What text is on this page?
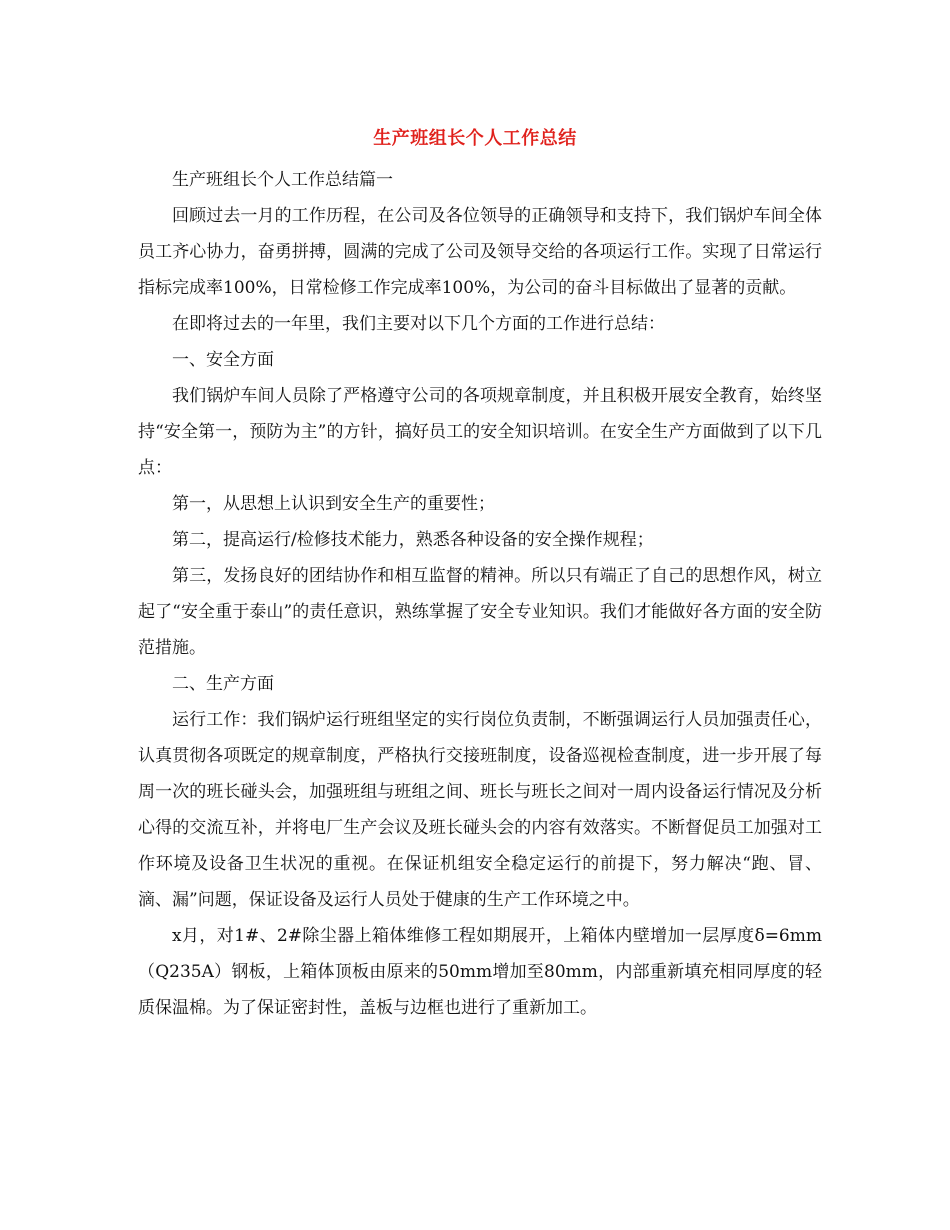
生产班组长个人工作总结

生产班组长个人工作总结篇一

回顾过去一月的工作历程，在公司及各位领导的正确领导和支持下，我们锅炉车间全体员工齐心协力，奋勇拼搏，圆满的完成了公司及领导交给的各项运行工作。实现了日常运行指标完成率100%，日常检修工作完成率100%，为公司的奋斗目标做出了显著的贡献。

在即将过去的一年里，我们主要对以下几个方面的工作进行总结：

一、安全方面

我们锅炉车间人员除了严格遵守公司的各项规章制度，并且积极开展安全教育，始终坚持“安全第一，预防为主”的方针，搞好员工的安全知识培训。在安全生产方面做到了以下几点：

第一，从思想上认识到安全生产的重要性；

第二，提高运行/检修技术能力，熟悉各种设备的安全操作规程；

第三，发扬良好的团结协作和相互监督的精神。所以只有端正了自己的思想作风，树立起了“安全重于泰山”的责任意识，熟练掌握了安全专业知识。我们才能做好各方面的安全防范措施。

二、生产方面

运行工作：我们锅炉运行班组坚定的实行岗位负责制，不断强调运行人员加强责任心，认真贯彻各项既定的规章制度，严格执行交接班制度，设备巡视检查制度，进一步开展了每周一次的班长碰头会，加强班组与班组之间、班长与班长之间对一周内设备运行情况及分析心得的交流互补，并将电厂生产会议及班长碰头会的内容有效落实。不断督促员工加强对工作环境及设备卫生状况的重视。在保证机组安全稳定运行的前提下，努力解决“跑、冒、滴、漏”问题，保证设备及运行人员处于健康的生产工作环境之中。

x月，对1#、2#除尘器上箱体维修工程如期展开，上箱体内壁增加一层厚度δ=6mm（Q235A）钢板，上箱体顶板由原来的50mm增加至80mm，内部重新填充相同厚度的轻质保温棉。为了保证密封性，盖板与边框也进行了重新加工。
